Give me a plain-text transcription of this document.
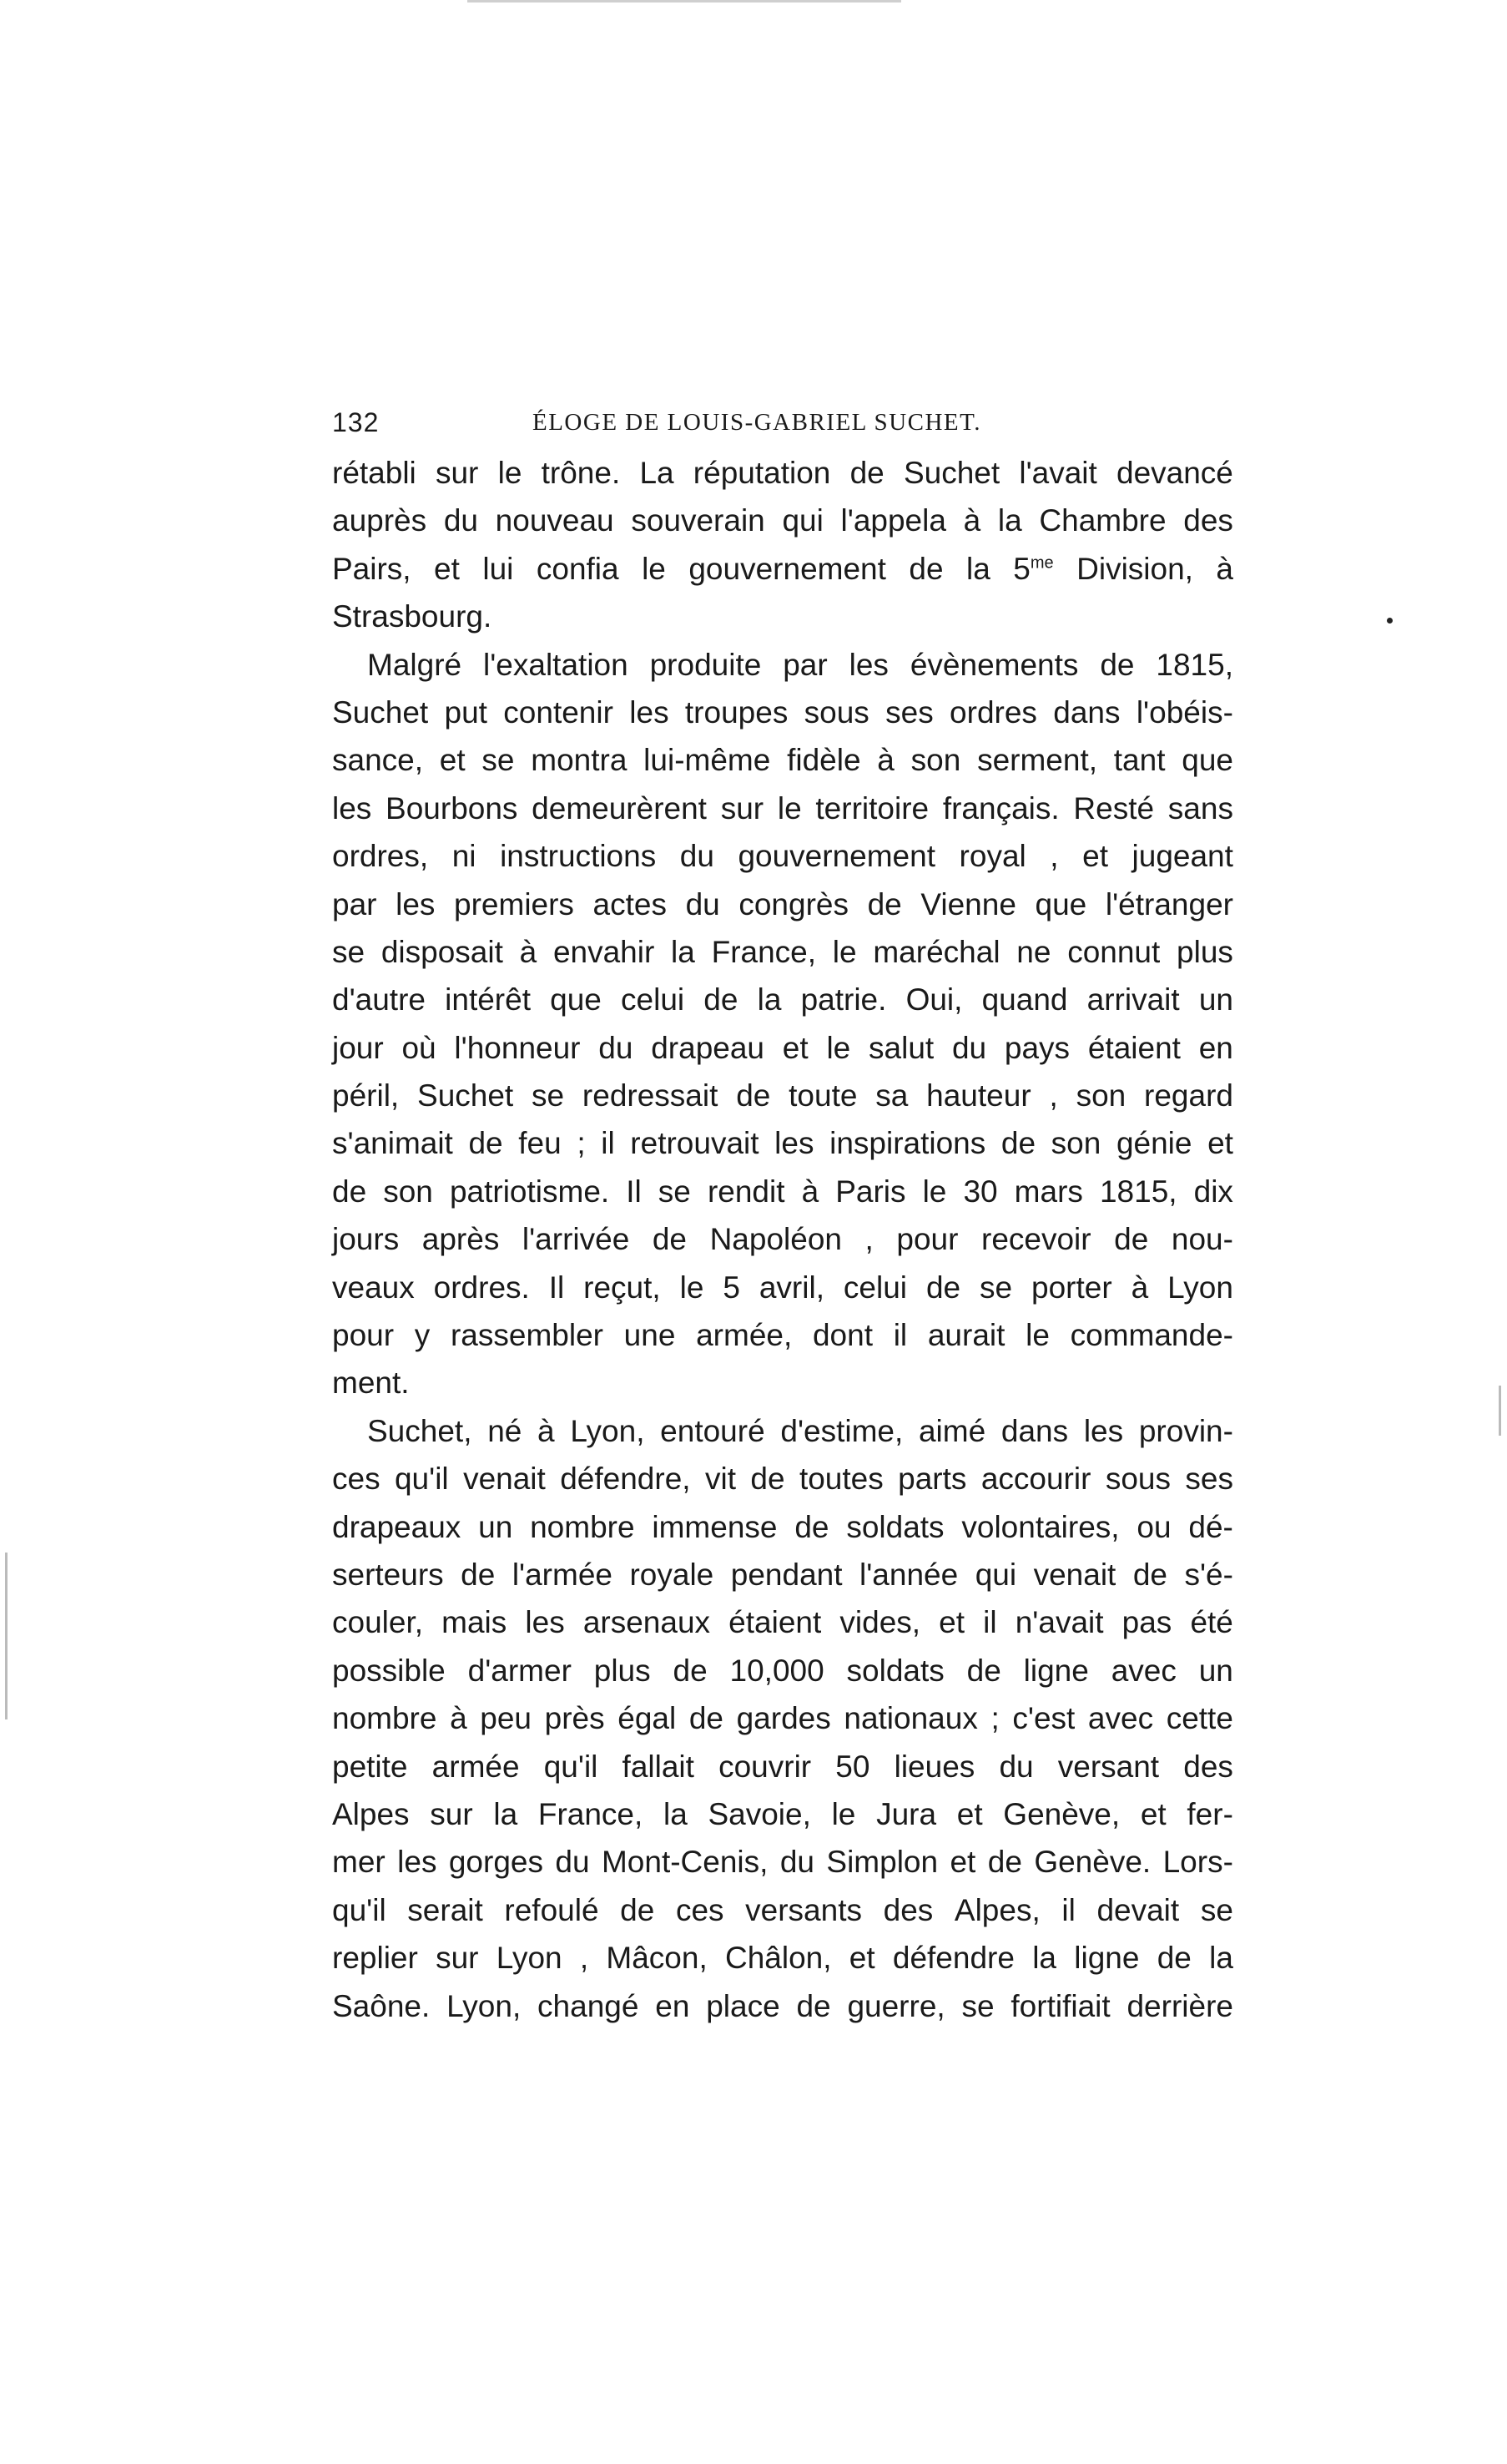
132	ÉLOGE DE LOUIS-GABRIEL SUCHET.
rétabli sur le trône. La réputation de Suchet l'avait devancé
auprès du nouveau souverain qui l'appela à la Chambre des
Pairs, et lui confia le gouvernement de la $5^{me}$ Division, à
Strasbourg.
Malgré l'exaltation produite par les évènements de 1815,
Suchet put contenir les troupes sous ses ordres dans l'obéis-
sance, et se montra lui-même fidèle à son serment, tant que
les Bourbons demeurèrent sur le territoire français. Resté sans
ordres, ni instructions du gouvernement royal , et jugeant
par les premiers actes du congrès de Vienne que l'étranger
se disposait à envahir la France, le maréchal ne connut plus
d'autre intérêt que celui de la patrie. Oui, quand arrivait un
jour où l'honneur du drapeau et le salut du pays étaient en
péril, Suchet se redressait de toute sa hauteur , son regard
s'animait de feu ; il retrouvait les inspirations de son génie et
de son patriotisme. Il se rendit à Paris le 30 mars 1815, dix
jours après l'arrivée de Napoléon , pour recevoir de nou-
veaux ordres. Il reçut, le 5 avril, celui de se porter à Lyon
pour y rassembler une armée, dont il aurait le commande-
ment.
Suchet, né à Lyon, entouré d'estime, aimé dans les provin-
ces qu'il venait défendre, vit de toutes parts accourir sous ses
drapeaux un nombre immense de soldats volontaires, ou dé-
serteurs de l'armée royale pendant l'année qui venait de s'é-
couler, mais les arsenaux étaient vides, et il n'avait pas été
possible d'armer plus de 10,000 soldats de ligne avec un
nombre à peu près égal de gardes nationaux ; c'est avec cette
petite armée qu'il fallait couvrir 50 lieues du versant des
Alpes sur la France, la Savoie, le Jura et Genève, et fer-
mer les gorges du Mont-Cenis, du Simplon et de Genève. Lors-
qu'il serait refoulé de ces versants des Alpes, il devait se
replier sur Lyon , Mâcon, Châlon, et défendre la ligne de la
Saône. Lyon, changé en place de guerre, se fortifiait derrière
